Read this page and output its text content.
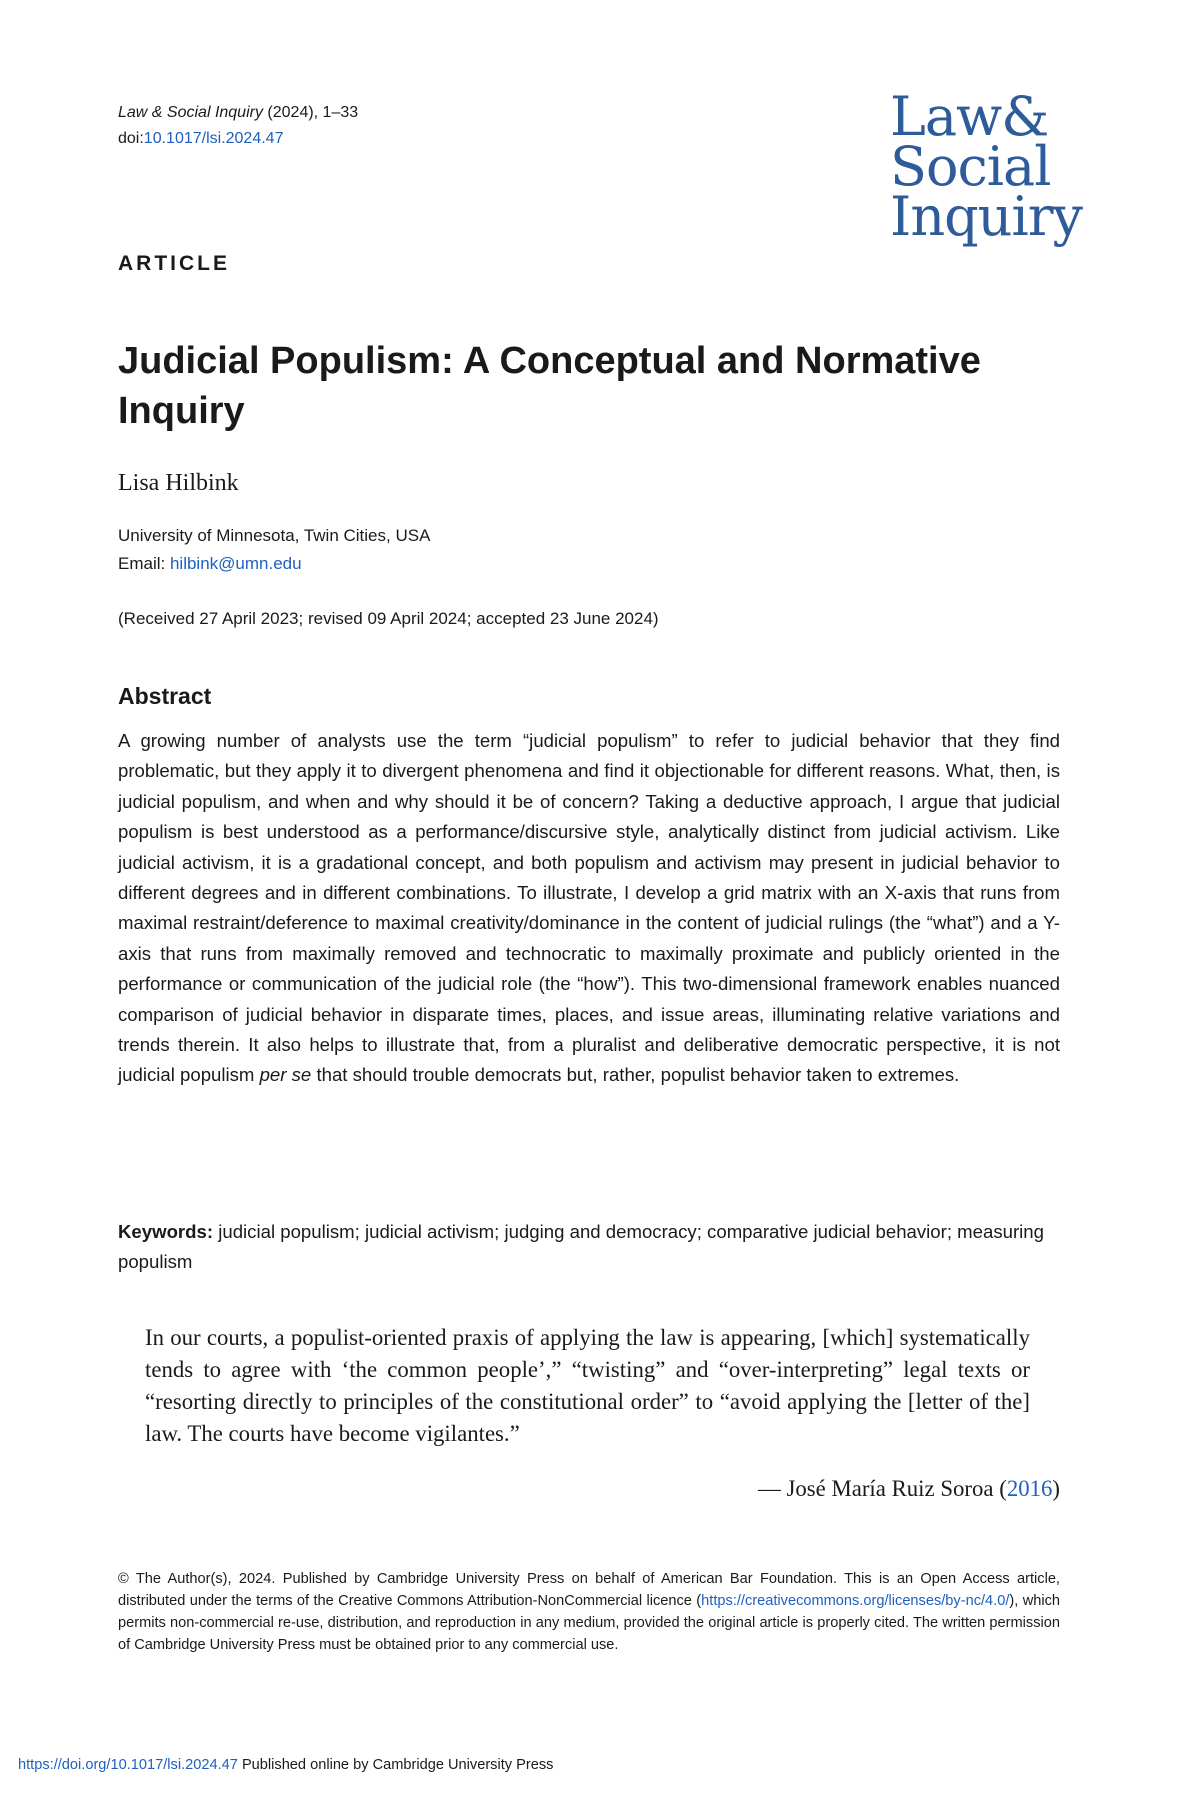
Law & Social Inquiry (2024), 1–33
doi:10.1017/lsi.2024.47	Law&
Social
Inquiry
ARTICLE
Judicial Populism: A Conceptual and Normative Inquiry
Lisa Hilbink
University of Minnesota, Twin Cities, USA
Email: hilbink@umn.edu
(Received 27 April 2023; revised 09 April 2024; accepted 23 June 2024)
Abstract

A growing number of analysts use the term “judicial populism” to refer to judicial behavior that they find problematic, but they apply it to divergent phenomena and find it objectionable for different reasons. What, then, is judicial populism, and when and why should it be of concern? Taking a deductive approach, I argue that judicial populism is best understood as a performance/discursive style, analytically distinct from judicial activism. Like judicial activism, it is a gradational concept, and both populism and activism may present in judicial behavior to different degrees and in different combinations. To illustrate, I develop a grid matrix with an X-axis that runs from maximal restraint/deference to maximal creativity/dominance in the content of judicial rulings (the “what”) and a Y-axis that runs from maximally removed and technocratic to maximally proximate and publicly oriented in the performance or communication of the judicial role (the “how”). This two-dimensional framework enables nuanced comparison of judicial behavior in disparate times, places, and issue areas, illuminating relative variations and trends therein. It also helps to illustrate that, from a pluralist and deliberative democratic perspective, it is not judicial populism per se that should trouble democrats but, rather, populist behavior taken to extremes.

Keywords: judicial populism; judicial activism; judging and democracy; comparative judicial behavior; measuring populism

In our courts, a populist-oriented praxis of applying the law is appearing, [which] systematically tends to agree with ‘the common people’,” “twisting” and “over-interpreting” legal texts or “resorting directly to principles of the constitutional order” to “avoid applying the [letter of the] law. The courts have become vigilantes.”

— José María Ruiz Soroa (2016)

© The Author(s), 2024. Published by Cambridge University Press on behalf of American Bar Foundation. This is an Open Access article, distributed under the terms of the Creative Commons Attribution-NonCommercial licence (https://creativecommons.org/licenses/by-nc/4.0/), which permits non-commercial re-use, distribution, and reproduction in any medium, provided the original article is properly cited. The written permission of Cambridge University Press must be obtained prior to any commercial use.

https://doi.org/10.1017/lsi.2024.47 Published online by Cambridge University Press
